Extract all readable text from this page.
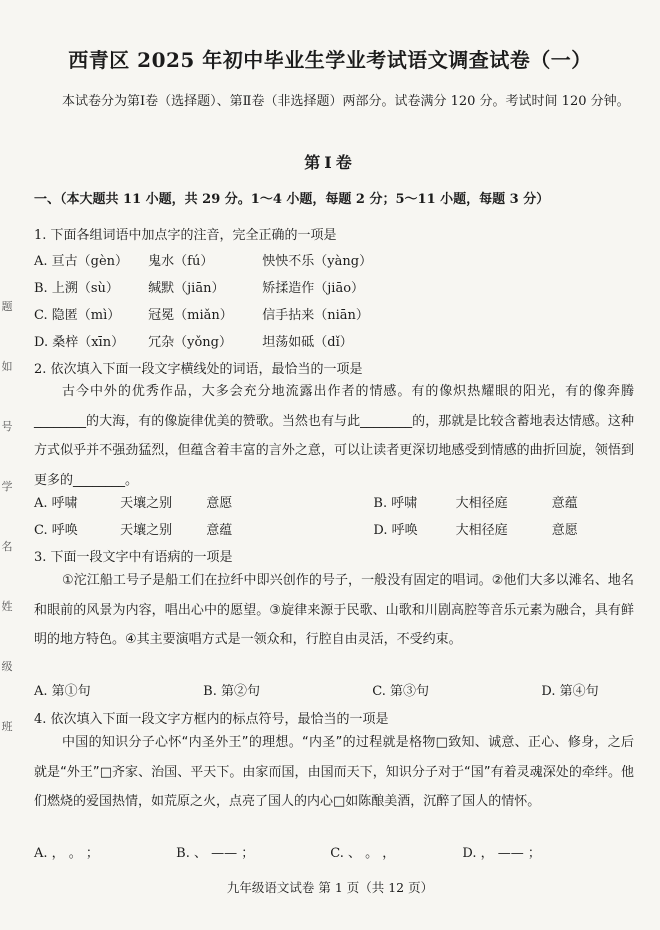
题
如
号
学
名
姓
级
班
西青区 2025 年初中毕业生学业考试语文调查试卷（一）
本试卷分为第Ⅰ卷（选择题）、第Ⅱ卷（非选择题）两部分。试卷满分 120 分。考试时间 120 分钟。
第Ⅰ卷
一、（本大题共 11 小题，共 29 分。1～4 小题，每题 2 分；5～11 小题，每题 3 分）
1. 下面各组词语中加点字的注音，完全正确的一项是
A. 亘古（gèn） 鬼水（fú）	怏怏不乐（yàng）
B. 上溯（sù） 缄默（jiān）	矫揉造作（jiāo）
C. 隐匿（mì） 冠冕（miǎn） 信手拈来（niān）
D. 桑梓（xīn） 冗杂（yǒng） 坦荡如砥（dǐ）
2. 依次填入下面一段文字横线处的词语，最恰当的一项是
古今中外的优秀作品，大多会充分地流露出作者的情感。有的像炽热耀眼的阳光，有的像奔腾________的大海，有的像旋律优美的赞歌。当然也有与此________的，那就是比较含蓄地表达情感。这种方式似乎并不强劲猛烈，但蕴含着丰富的言外之意，可以让读者更深切地感受到情感的曲折回旋，领悟到更多的________。
A. 呼啸	天壤之别	意愿	B. 呼啸	大相径庭	意蕴
C. 呼唤	天壤之别	意蕴	D. 呼唤	大相径庭	意愿
3. 下面一段文字中有语病的一项是
①沱江船工号子是船工们在拉纤中即兴创作的号子，一般没有固定的唱词。②他们大多以滩名、地名和眼前的风景为内容，唱出心中的愿望。③旋律来源于民歌、山歌和川剧高腔等音乐元素为融合，具有鲜明的地方特色。④其主要演唱方式是一领众和，行腔自由灵活，不受约束。
A. 第①句	B. 第②句	C. 第③句	D. 第④句
4. 依次填入下面一段文字方框内的标点符号，最恰当的一项是
中国的知识分子心怀“内圣外王”的理想。“内圣”的过程就是格物□致知、诚意、正心、修身，之后就是“外王”□齐家、治国、平天下。由家而国，由国而天下，知识分子对于“国”有着灵魂深处的牵绊。他们燃烧的爱国热情，如荒原之火，点亮了国人的内心□如陈酿美酒，沉醉了国人的情怀。
A. ， 。 ；	B. 、 —— ；	C. 、 。 ，	D. ， —— ；
九年级语文试卷 第 1 页（共 12 页）
